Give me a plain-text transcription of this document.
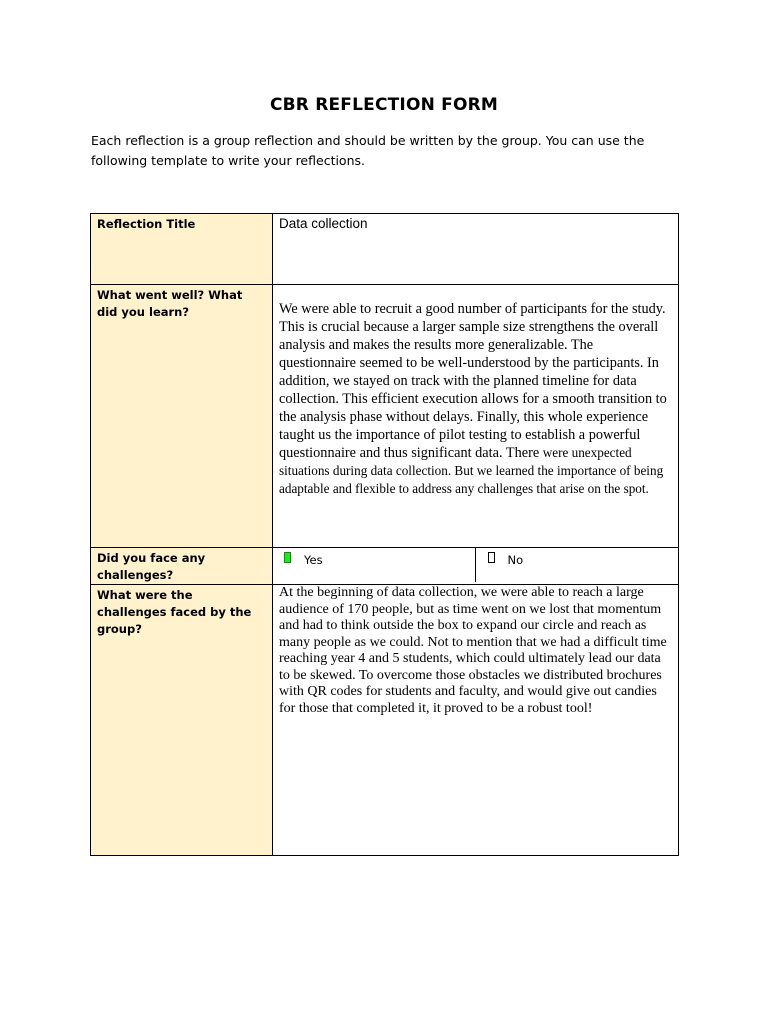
CBR REFLECTION FORM
Each reflection is a group reflection and should be written by the group. You can use the following template to write your reflections.
Reflection Title	Data collection

What went well? What did you learn?	We were able to recruit a good number of participants for the study. This is crucial because a larger sample size strengthens the overall analysis and makes the results more generalizable. The questionnaire seemed to be well-understood by the participants. In addition, we stayed on track with the planned timeline for data collection. This efficient execution allows for a smooth transition to the analysis phase without delays. Finally, this whole experience taught us the importance of pilot testing to establish a powerful questionnaire and thus significant data. There were unexpected situations during data collection. But we learned the importance of being adaptable and flexible to address any challenges that arise on the spot.

Did you face any challenges?	Yes No

What were the challenges faced by the group?	At the beginning of data collection, we were able to reach a large audience of 170 people, but as time went on we lost that momentum and had to think outside the box to expand our circle and reach as many people as we could. Not to mention that we had a difficult time reaching year 4 and 5 students, which could ultimately lead our data to be skewed. To overcome those obstacles we distributed brochures with QR codes for students and faculty, and would give out candies for those that completed it, it proved to be a robust tool!
